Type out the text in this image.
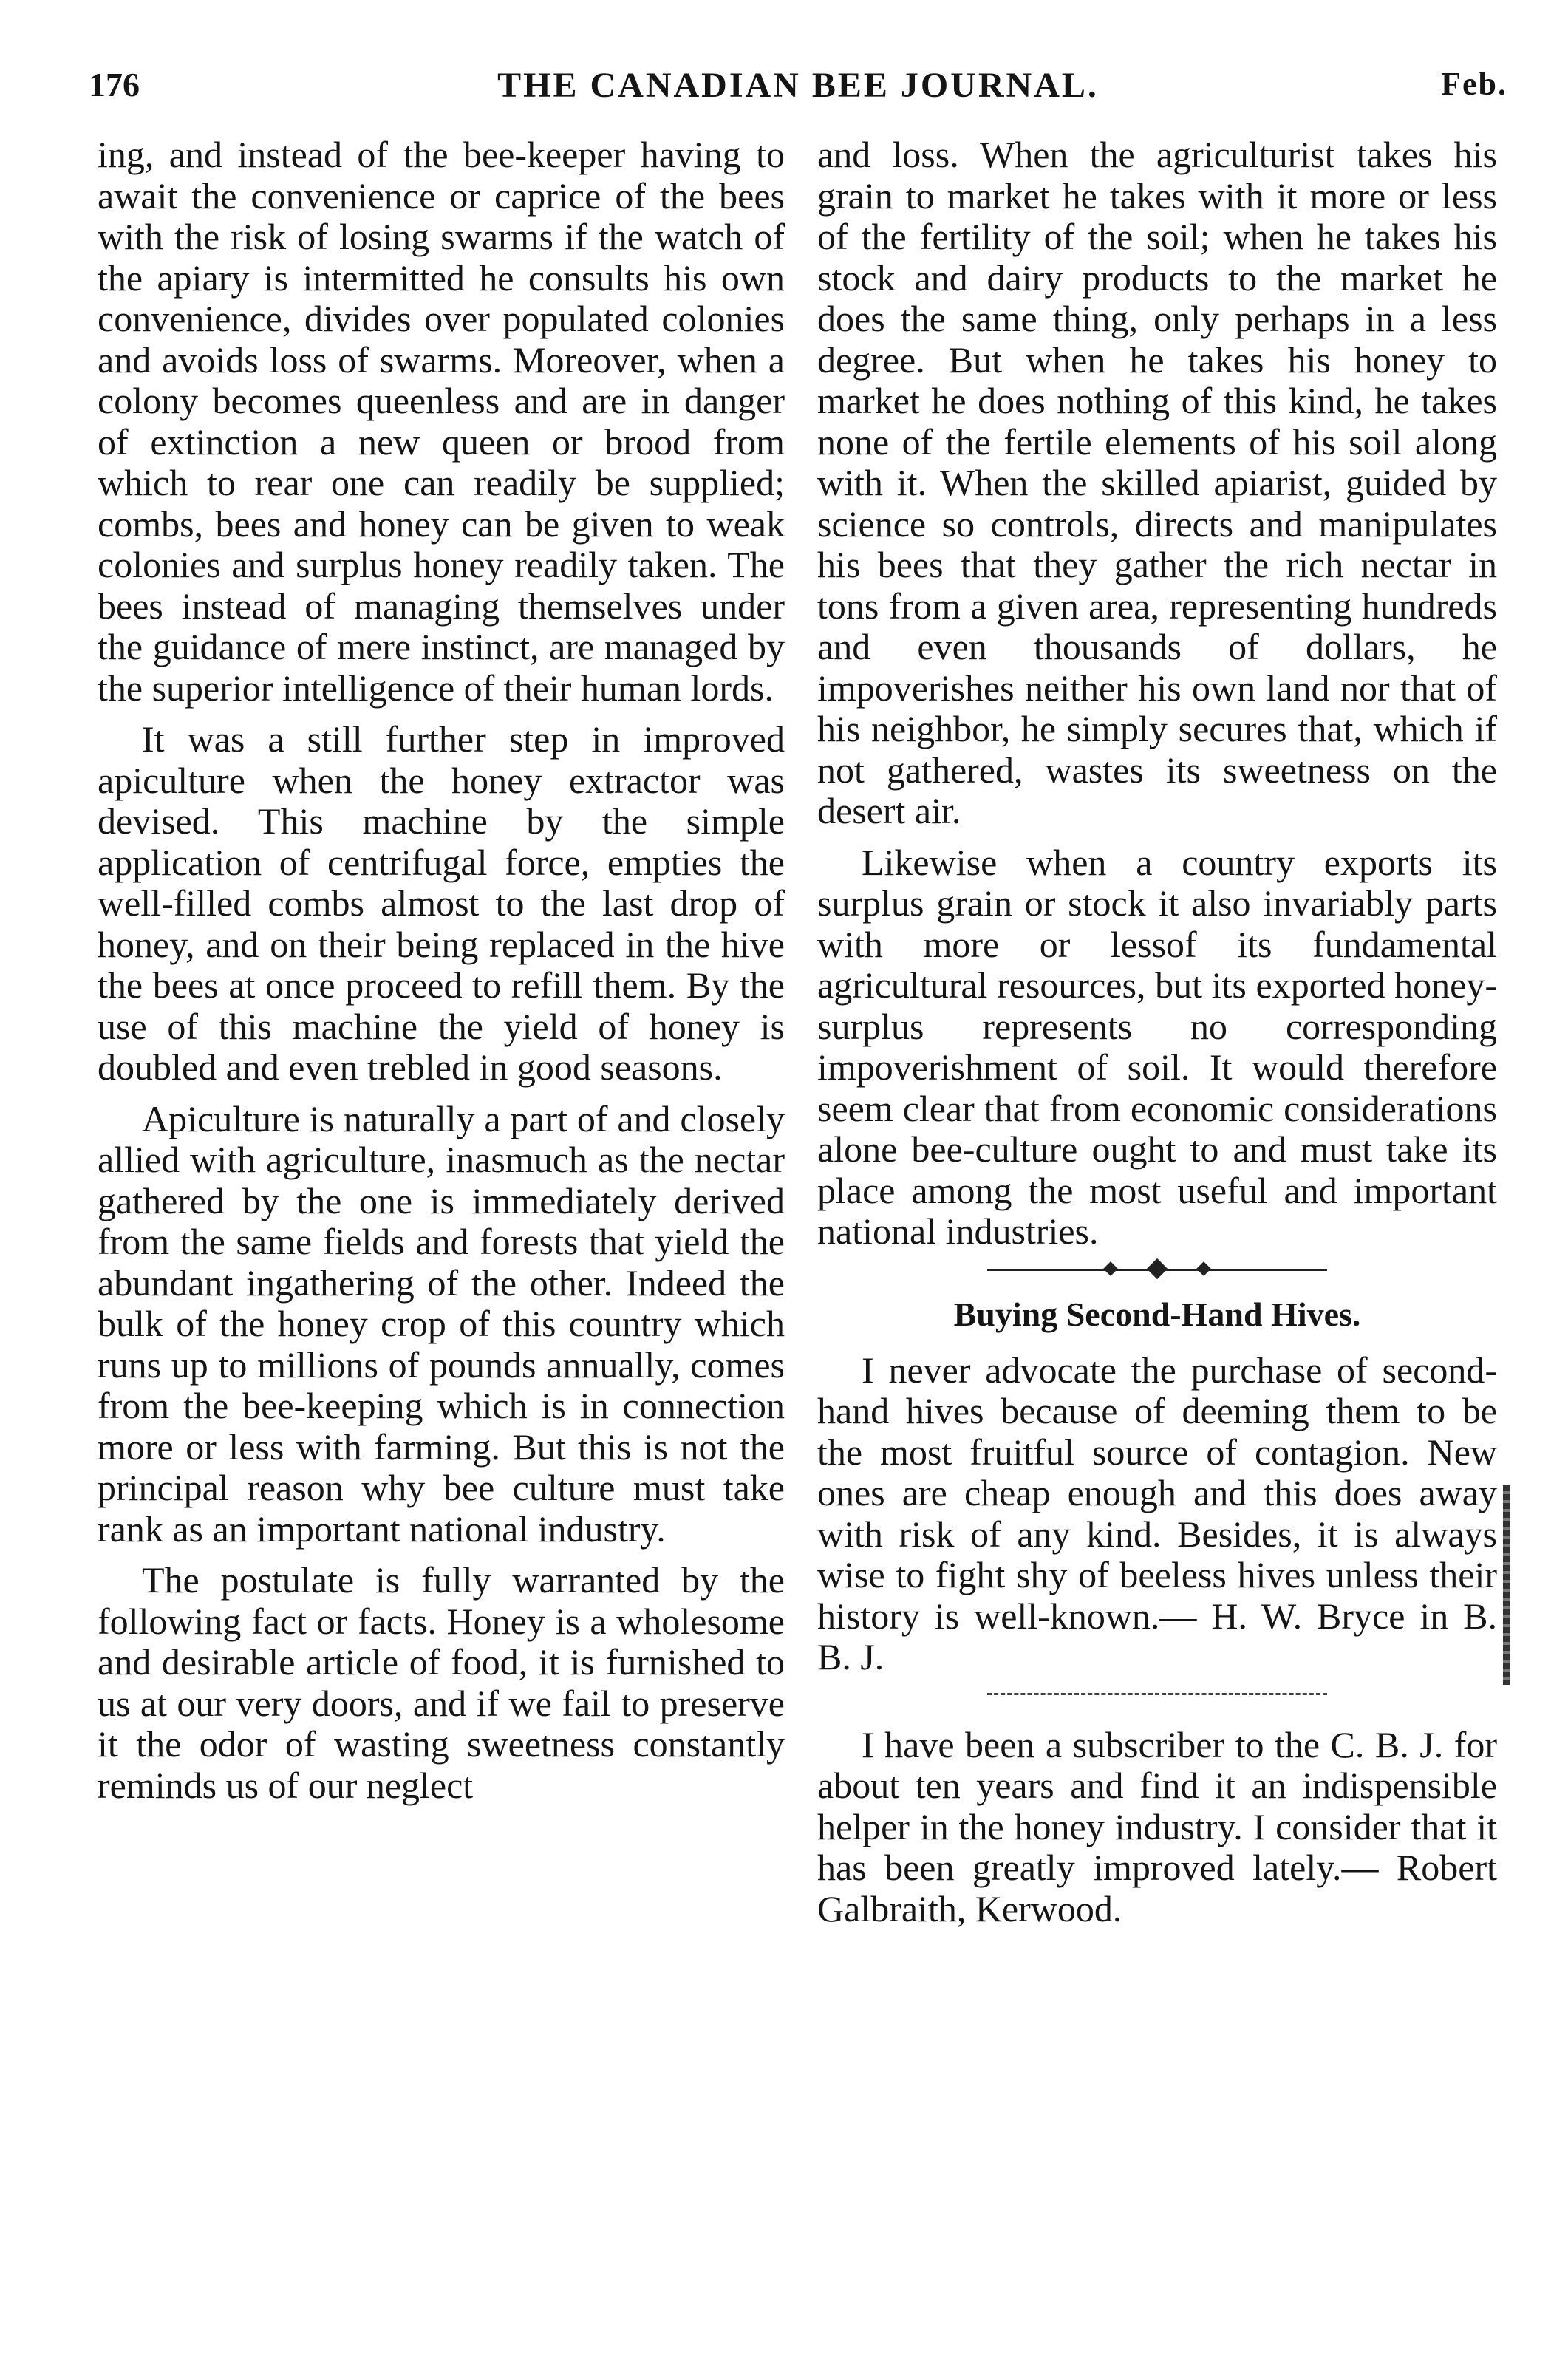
176	THE CANADIAN BEE JOURNAL.	Feb.

ing, and instead of the bee-keeper having to await the convenience or caprice of the bees with the risk of losing swarms if the watch of the apiary is intermitted he consults his own convenience, divides over populated colonies and avoids loss of swarms. Moreover, when a colony becomes queenless and are in danger of extinction a new queen or brood from which to rear one can readily be supplied; combs, bees and honey can be given to weak colonies and surplus honey readily taken. The bees instead of managing themselves under the guidance of mere instinct, are managed by the superior intelligence of their human lords.

It was a still further step in improved apiculture when the honey extractor was devised. This machine by the simple application of centrifugal force, empties the well-filled combs almost to the last drop of honey, and on their being replaced in the hive the bees at once proceed to refill them. By the use of this machine the yield of honey is doubled and even trebled in good seasons.

Apiculture is naturally a part of and closely allied with agriculture, inasmuch as the nectar gathered by the one is immediately derived from the same fields and forests that yield the abundant ingathering of the other. Indeed the bulk of the honey crop of this country which runs up to millions of pounds annually, comes from the bee-keeping which is in connection more or less with farming. But this is not the principal reason why bee culture must take rank as an important national industry.

The postulate is fully warranted by the following fact or facts. Honey is a wholesome and desirable article of food, it is furnished to us at our very doors, and if we fail to preserve it the odor of wasting sweetness constantly reminds us of our neglect

and loss. When the agriculturist takes his grain to market he takes with it more or less of the fertility of the soil; when he takes his stock and dairy products to the market he does the same thing, only perhaps in a less degree. But when he takes his honey to market he does nothing of this kind, he takes none of the fertile elements of his soil along with it. When the skilled apiarist, guided by science so controls, directs and manipulates his bees that they gather the rich nectar in tons from a given area, representing hundreds and even thousands of dollars, he impoverishes neither his own land nor that of his neighbor, he simply secures that, which if not gathered, wastes its sweetness on the desert air.

Likewise when a country exports its surplus grain or stock it also invariably parts with more or lessof its fundamental agricultural resources, but its exported honey-surplus represents no corresponding impoverishment of soil. It would therefore seem clear that from economic considerations alone bee-culture ought to and must take its place among the most useful and important national industries.

Buying Second-Hand Hives.

I never advocate the purchase of second-hand hives because of deeming them to be the most fruitful source of contagion. New ones are cheap enough and this does away with risk of any kind. Besides, it is always wise to fight shy of beeless hives unless their history is well-known.— H. W. Bryce in B. B. J.

I have been a subscriber to the C. B. J. for about ten years and find it an indispensible helper in the honey industry. I consider that it has been greatly improved lately.— Robert Galbraith, Kerwood.
